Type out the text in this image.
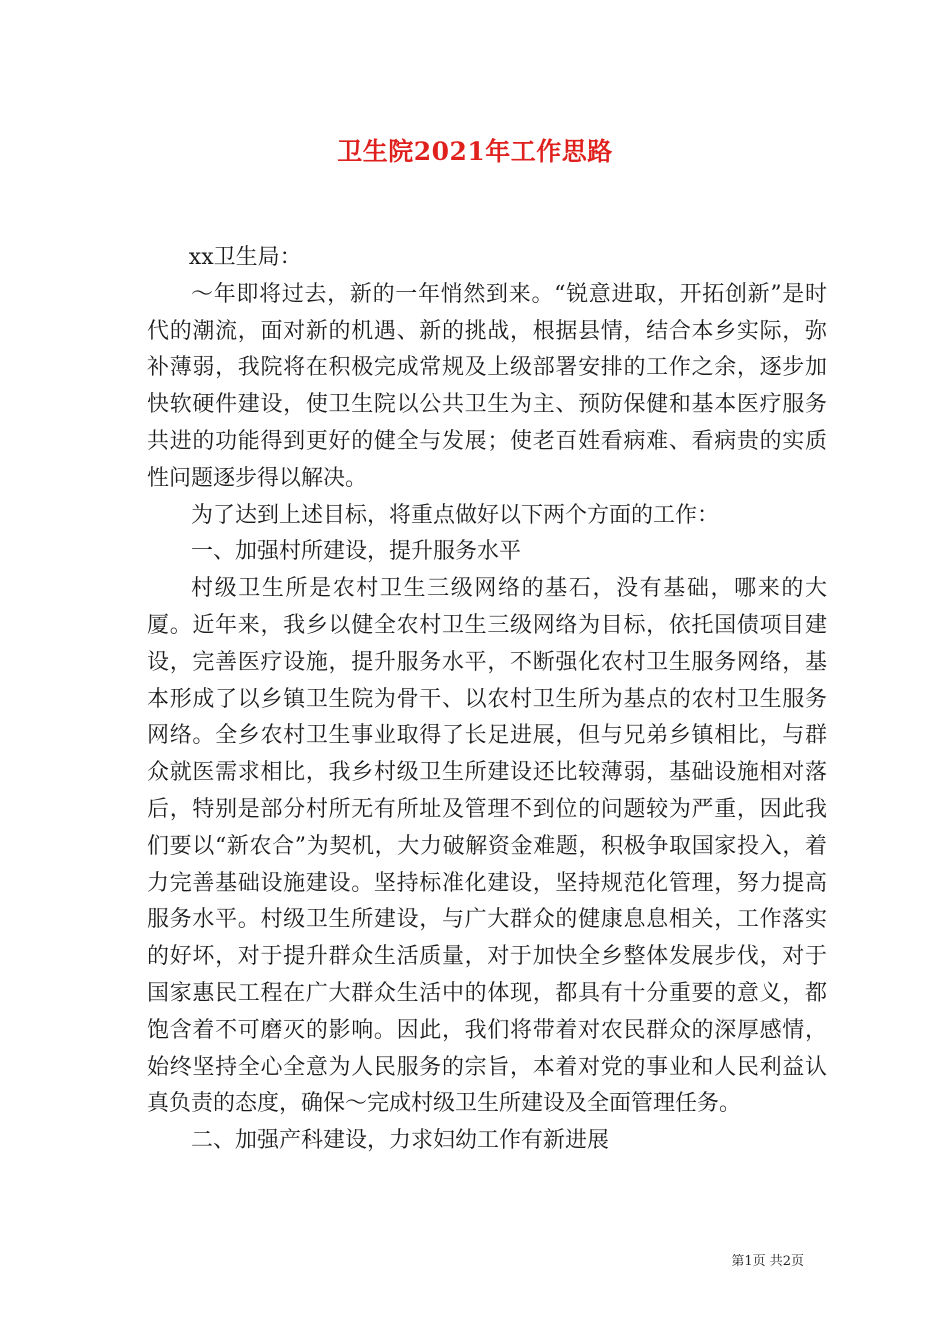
卫生院2021年工作思路

xx卫生局：

～年即将过去，新的一年悄然到来。“锐意进取，开拓创新”是时代的潮流，面对新的机遇、新的挑战，根据县情，结合本乡实际，弥补薄弱，我院将在积极完成常规及上级部署安排的工作之余，逐步加快软硬件建设，使卫生院以公共卫生为主、预防保健和基本医疗服务共进的功能得到更好的健全与发展；使老百姓看病难、看病贵的实质性问题逐步得以解决。

为了达到上述目标，将重点做好以下两个方面的工作：

一、加强村所建设，提升服务水平

村级卫生所是农村卫生三级网络的基石，没有基础，哪来的大厦。近年来，我乡以健全农村卫生三级网络为目标，依托国债项目建设，完善医疗设施，提升服务水平，不断强化农村卫生服务网络，基本形成了以乡镇卫生院为骨干、以农村卫生所为基点的农村卫生服务网络。全乡农村卫生事业取得了长足进展，但与兄弟乡镇相比，与群众就医需求相比，我乡村级卫生所建设还比较薄弱，基础设施相对落后，特别是部分村所无有所址及管理不到位的问题较为严重，因此我们要以“新农合”为契机，大力破解资金难题，积极争取国家投入，着力完善基础设施建设。坚持标准化建设，坚持规范化管理，努力提高服务水平。村级卫生所建设，与广大群众的健康息息相关，工作落实的好坏，对于提升群众生活质量，对于加快全乡整体发展步伐，对于国家惠民工程在广大群众生活中的体现，都具有十分重要的意义，都饱含着不可磨灭的影响。因此，我们将带着对农民群众的深厚感情，始终坚持全心全意为人民服务的宗旨，本着对党的事业和人民利益认真负责的态度，确保～完成村级卫生所建设及全面管理任务。

二、加强产科建设，力求妇幼工作有新进展

第1页 共2页
